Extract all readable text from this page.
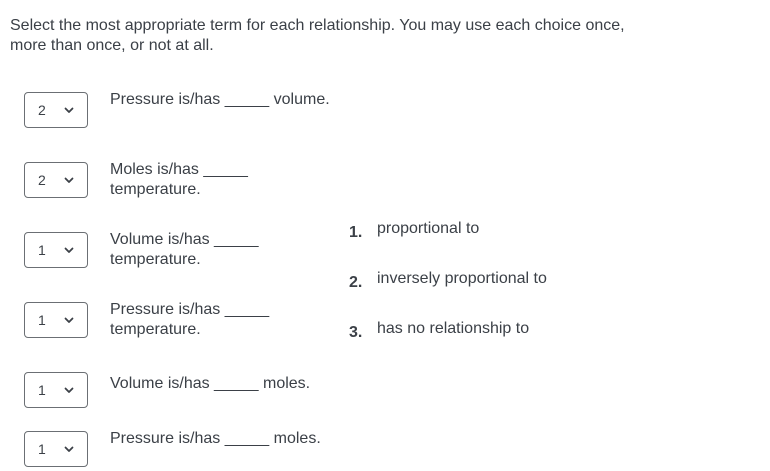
Select the most appropriate term for each relationship. You may use each choice once, more than once, or not at all.
2
Pressure is/has _____ volume.
2
Moles is/has _____ temperature.
1
Volume is/has _____ temperature.
1
Pressure is/has _____ temperature.
1	Volume is/has _____ moles.
1
Pressure is/has _____ moles.
1. proportional to
2. inversely proportional to
3. has no relationship to
